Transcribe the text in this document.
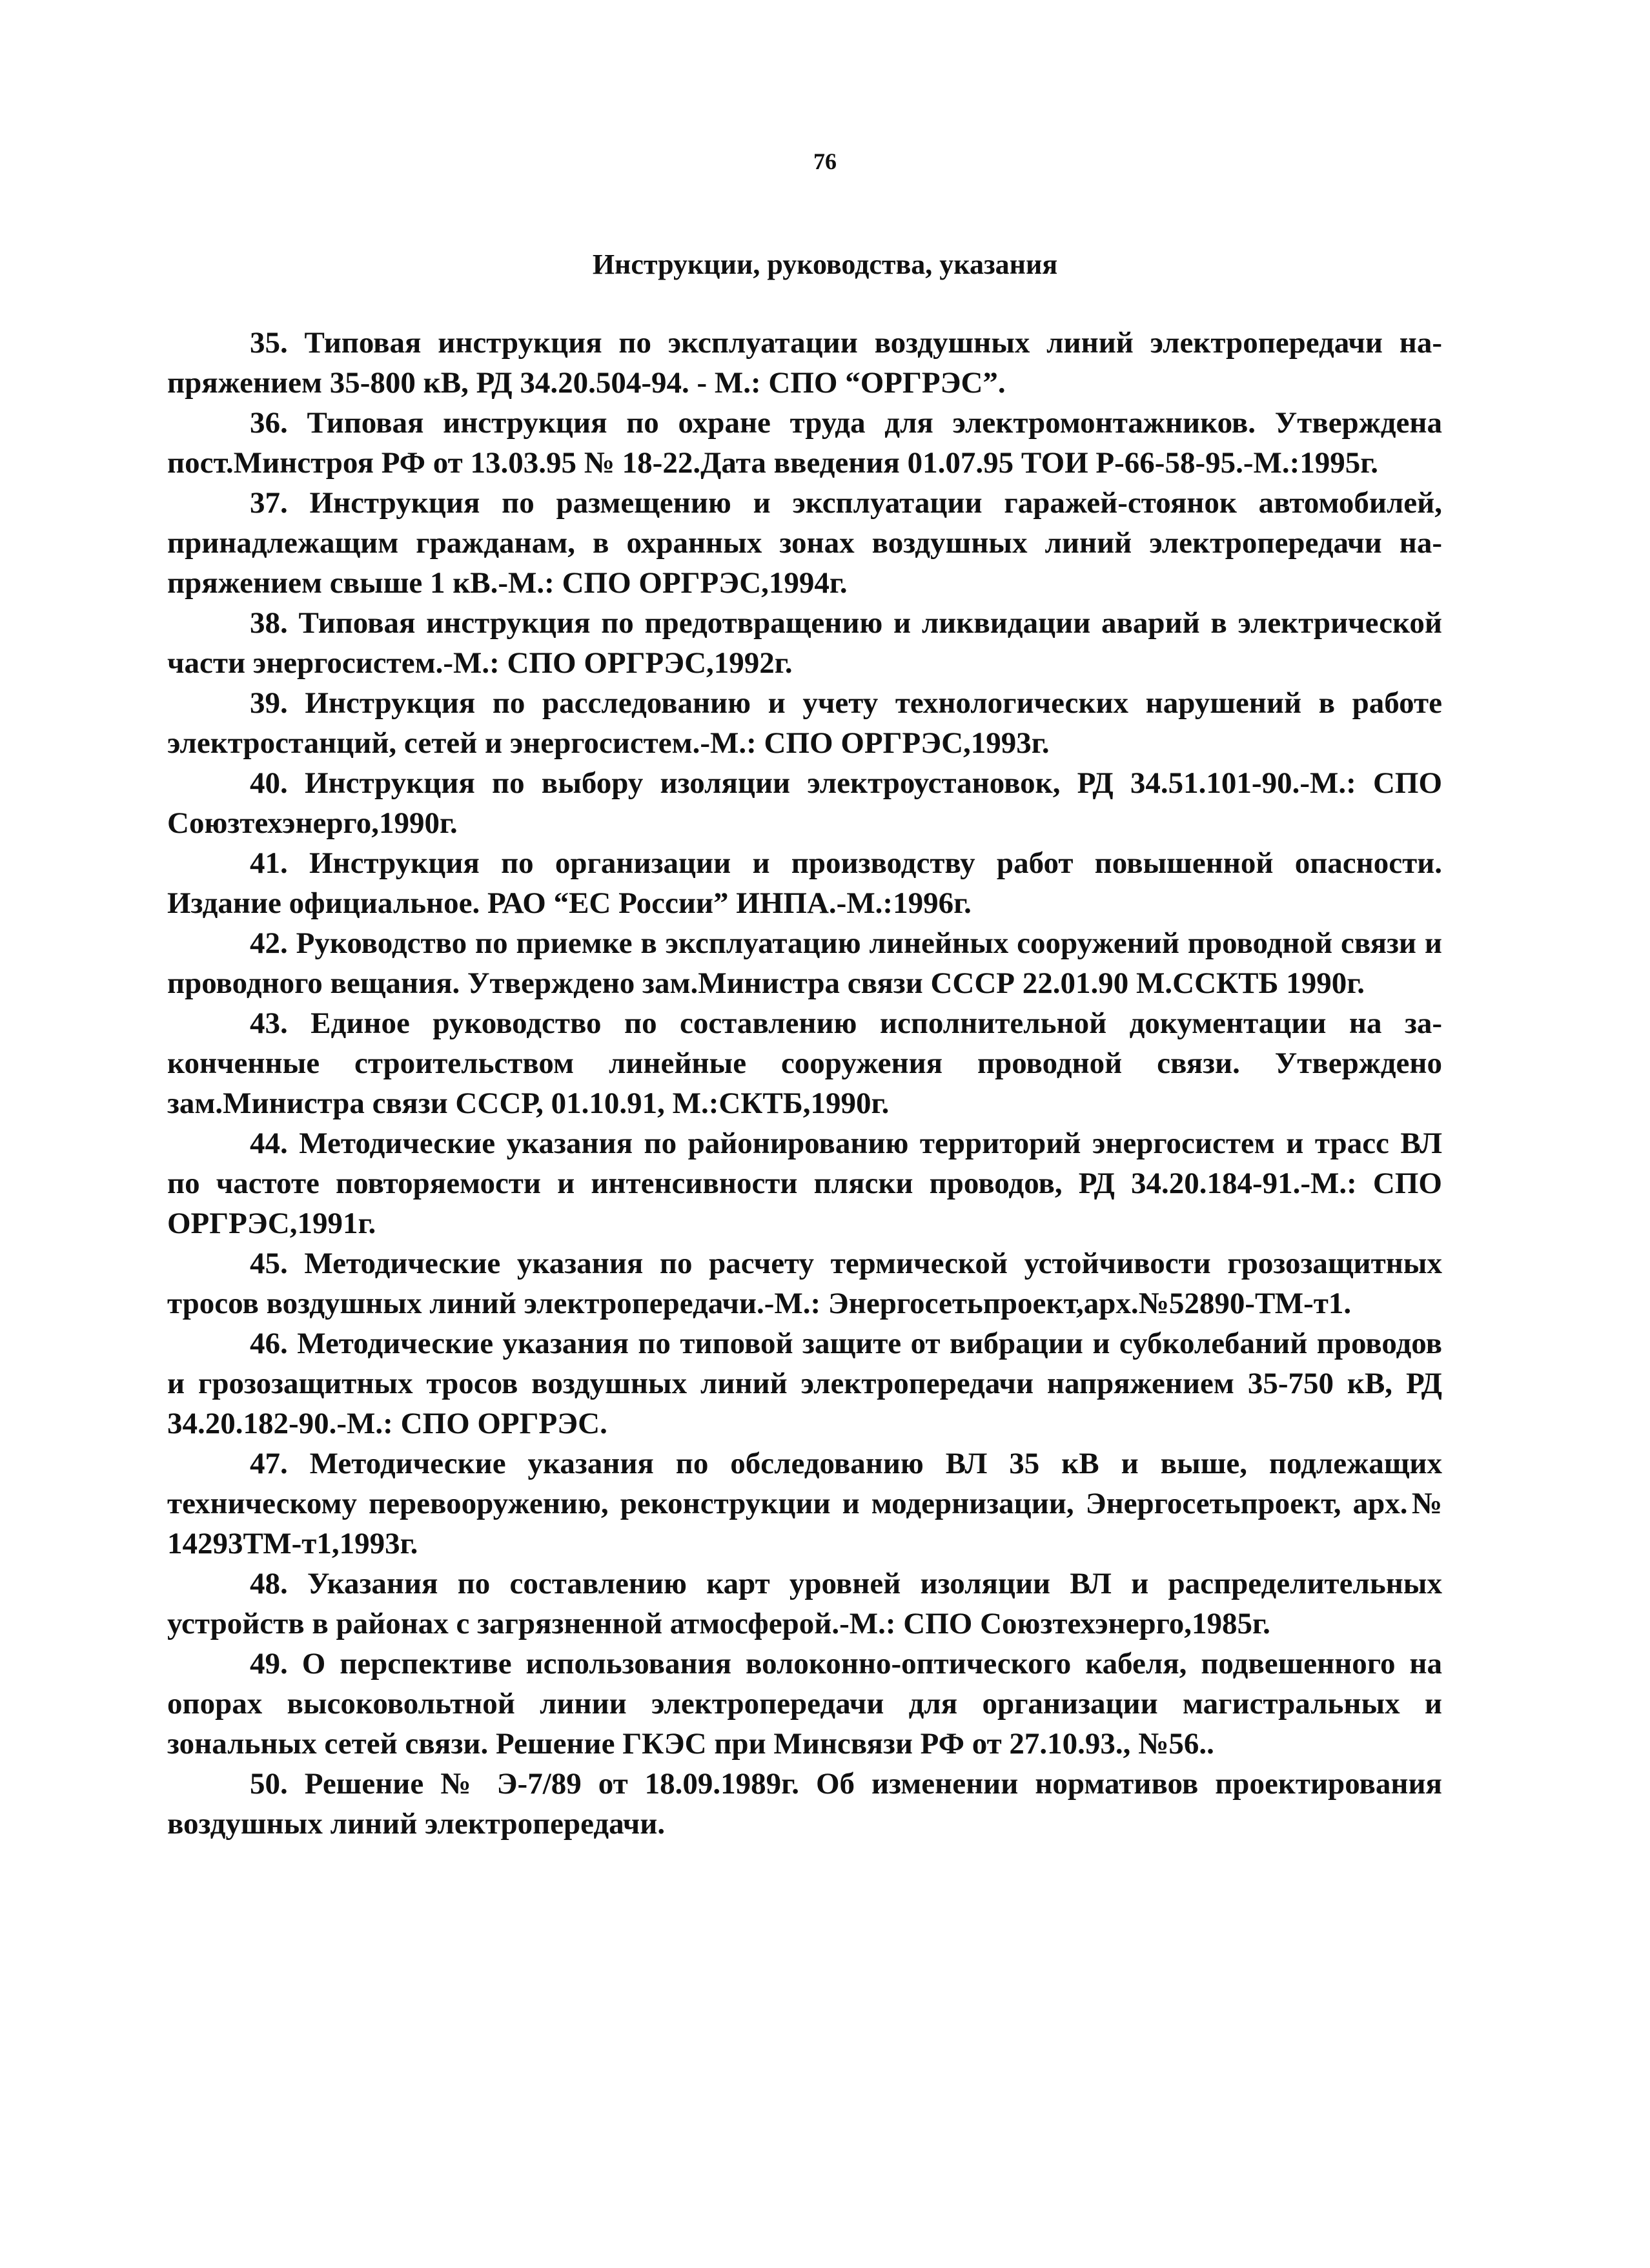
76
Инструкции, руководства, указания

35. Типовая инструкция по эксплуатации воздушных линий электропередачи напряжением 35-800 кВ, РД 34.20.504-94. - М.: СПО “ОРГРЭС”.

36. Типовая инструкция по охране труда для электромонтажников. Утверждена пост.Минстроя РФ от 13.03.95 № 18-22.Дата введения 01.07.95 ТОИ Р-66-58-95.-М.:1995г.

37. Инструкция по размещению и эксплуатации гаражей-стоянок автомобилей, принадлежащим гражданам, в охранных зонах воздушных линий электропередачи напряжением свыше 1 кВ.-М.: СПО ОРГРЭС,1994г.

38. Типовая инструкция по предотвращению и ликвидации аварий в электрической части энергосистем.-М.: СПО ОРГРЭС,1992г.

39. Инструкция по расследованию и учету технологических нарушений в работе электростанций, сетей и энергосистем.-М.: СПО ОРГРЭС,1993г.

40. Инструкция по выбору изоляции электроустановок, РД 34.51.101-90.-М.: СПО Союзтехэнерго,1990г.

41. Инструкция по организации и производству работ повышенной опасности. Издание официальное. РАО “ЕС России” ИНПА.-М.:1996г.

42. Руководство по приемке в эксплуатацию линейных сооружений проводной связи и проводного вещания. Утверждено зам.Министра связи СССР 22.01.90 М.ССКТБ 1990г.

43. Единое руководство по составлению исполнительной документации на законченные строительством линейные сооружения проводной связи. Утверждено зам.Министра связи СССР, 01.10.91, М.:СКТБ,1990г.

44. Методические указания по районированию территорий энергосистем и трасс ВЛ по частоте повторяемости и интенсивности пляски проводов, РД 34.20.184-91.-М.: СПО ОРГРЭС,1991г.

45. Методические указания по расчету термической устойчивости грозозащитных тросов воздушных линий электропередачи.-М.: Энергосетьпроект,арх.№52890-ТМ-т1.

46. Методические указания по типовой защите от вибрации и субколебаний проводов и грозозащитных тросов воздушных линий электропередачи напряжением 35-750 кВ, РД 34.20.182-90.-М.: СПО ОРГРЭС.

47. Методические указания по обследованию ВЛ 35 кВ и выше, подлежащих техническому перевооружению, реконструкции и модернизации, Энергосетьпроект, арх.№ 14293ТМ-т1,1993г.

48. Указания по составлению карт уровней изоляции ВЛ и распределительных устройств в районах с загрязненной атмосферой.-М.: СПО Союзтехэнерго,1985г.

49. О перспективе использования волоконно-оптического кабеля, подвешенного на опорах высоковольтной линии электропередачи для организации магистральных и зональных сетей связи. Решение ГКЭС при Минсвязи РФ от 27.10.93., №56..

50. Решение № Э-7/89 от 18.09.1989г. Об изменении нормативов проектирования воздушных линий электропередачи.
